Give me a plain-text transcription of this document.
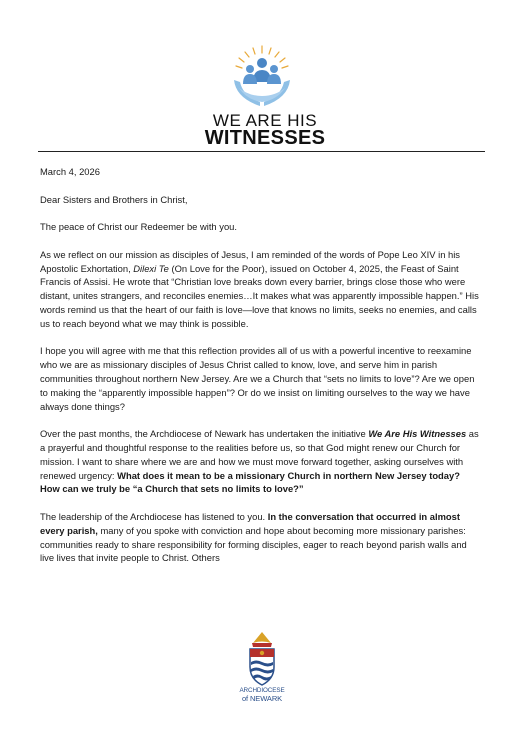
WE ARE HIS
WITNESSES

March 4, 2026

Dear Sisters and Brothers in Christ,

The peace of Christ our Redeemer be with you.

As we reflect on our mission as disciples of Jesus, I am reminded of the words of Pope Leo XIV in his Apostolic Exhortation, Dilexi Te (On Love for the Poor), issued on October 4, 2025, the Feast of Saint Francis of Assisi. He wrote that “Christian love breaks down every barrier, brings close those who were distant, unites strangers, and reconciles enemies…It makes what was apparently impossible happen.” His words remind us that the heart of our faith is love—love that knows no limits, seeks no enemies, and calls us to reach beyond what we may think is possible.

I hope you will agree with me that this reflection provides all of us with a powerful incentive to reexamine who we are as missionary disciples of Jesus Christ called to know, love, and serve him in parish communities throughout northern New Jersey. Are we a Church that “sets no limits to love”? Are we open to making the “apparently impossible happen”? Or do we insist on limiting ourselves to the way we have always done things?

Over the past months, the Archdiocese of Newark has undertaken the initiative We Are His Witnesses as a prayerful and thoughtful response to the realities before us, so that God might renew our Church for mission. I want to share where we are and how we must move forward together, asking ourselves with renewed urgency: What does it mean to be a missionary Church in northern New Jersey today? How can we truly be “a Church that sets no limits to love?”

The leadership of the Archdiocese has listened to you. In the conversation that occurred in almost every parish, many of you spoke with conviction and hope about becoming more missionary parishes: communities ready to share responsibility for forming disciples, eager to reach beyond parish walls and live lives that invite people to Christ. Others

ARCHDIOCESE
of NEWARK
